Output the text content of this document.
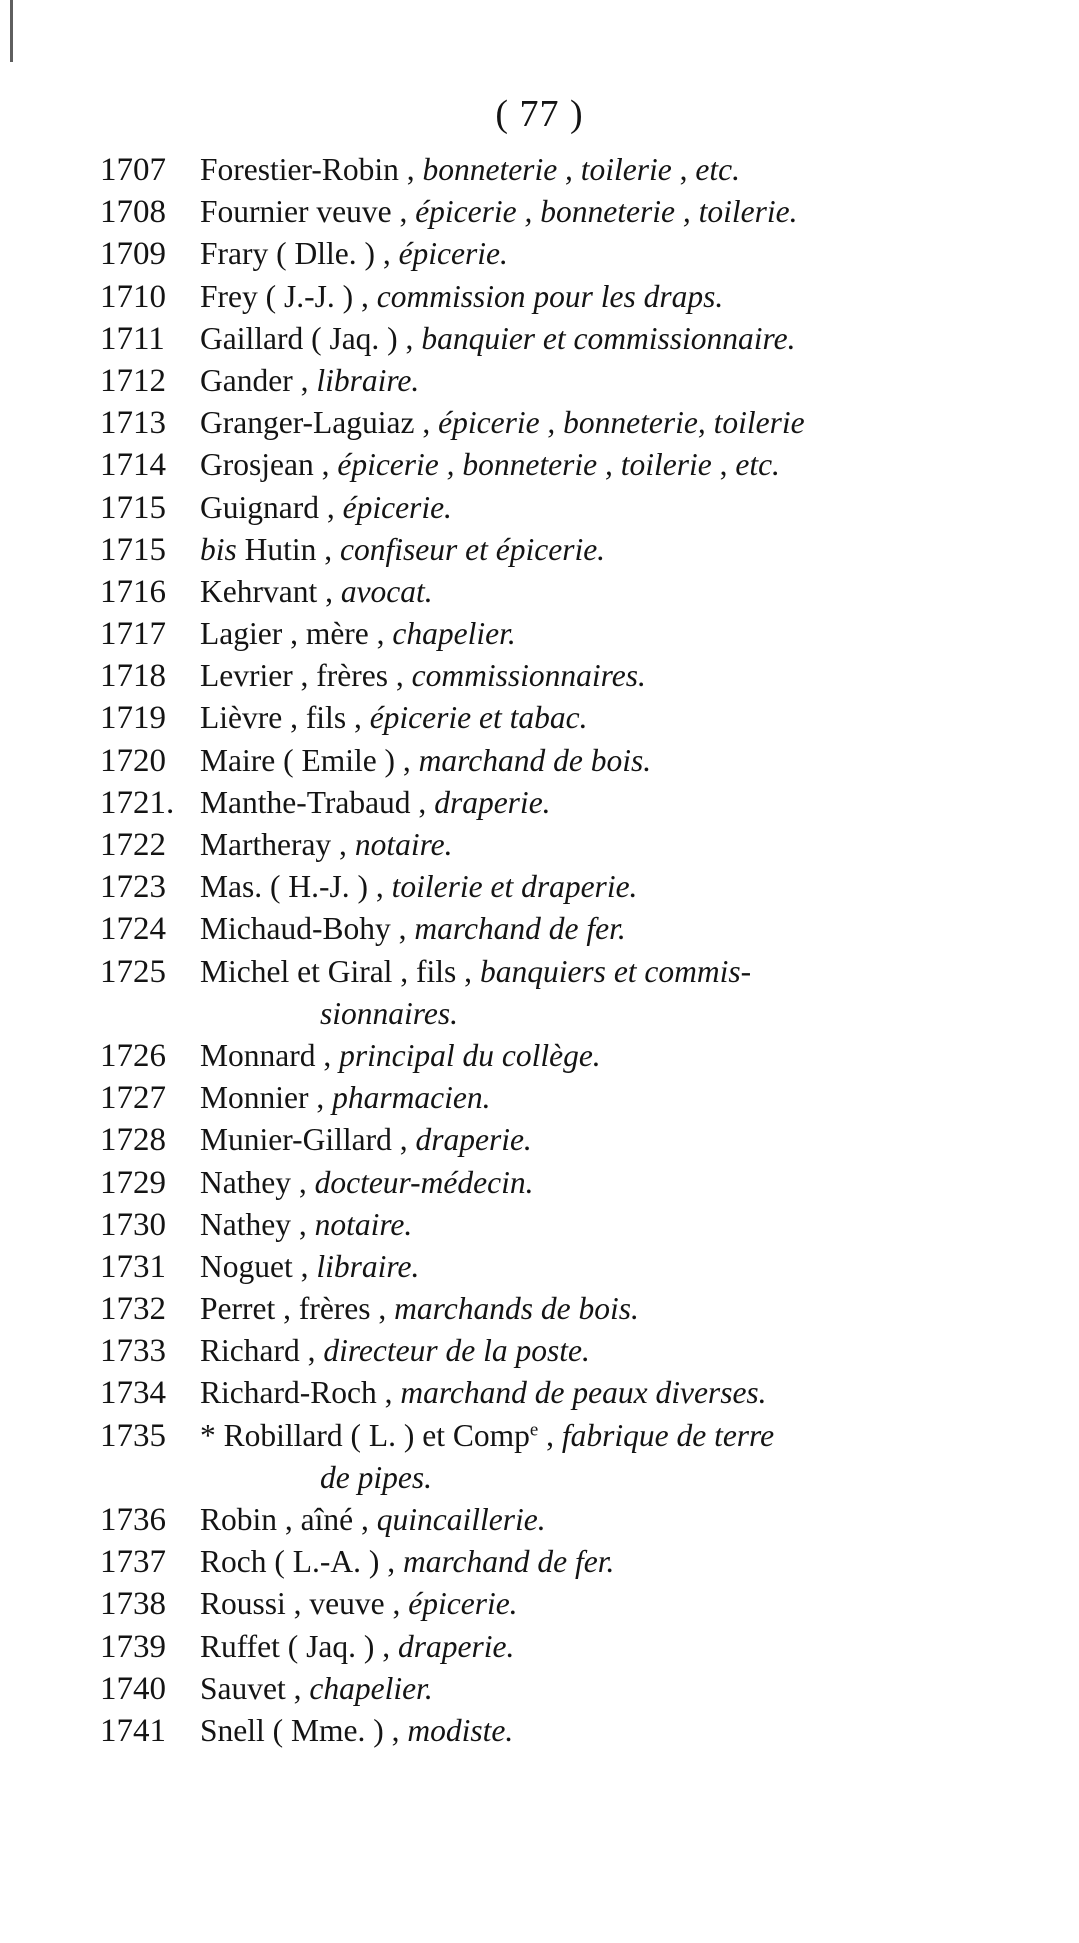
( 77 )
1707	Forestier-Robin , bonneterie , toilerie , etc.
1708	Fournier veuve , épicerie , bonneterie , toilerie.
1709	Frary ( Dlle. ) , épicerie.
1710	Frey ( J.-J. ) , commission pour les draps.
1711	Gaillard ( Jaq. ) , banquier et commissionnaire.
1712	Gander , libraire.
1713	Granger-Laguiaz , épicerie , bonneterie, toilerie
1714	Grosjean , épicerie , bonneterie , toilerie , etc.
1715	Guignard , épicerie.
1715	bis Hutin , confiseur et épicerie.
1716	Kehrvant , avocat.
1717	Lagier , mère , chapelier.
1718	Levrier , frères , commissionnaires.
1719	Lièvre , fils , épicerie et tabac.
1720	Maire ( Emile ) , marchand de bois.
1721. Manthe-Trabaud , draperie.
1722	Martheray , notaire.
1723	Mas. ( H.-J. ) , toilerie et draperie.
1724	Michaud-Bohy , marchand de fer.
1725	Michel et Giral , fils , banquiers et commis-
sionnaires.
1726	Monnard , principal du collège.
1727	Monnier , pharmacien.
1728	Munier-Gillard , draperie.
1729	Nathey , docteur-médecin.
1730	Nathey , notaire.
1731	Noguet , libraire.
1732	Perret , frères , marchands de bois.
1733	Richard , directeur de la poste.
1734	Richard-Roch , marchand de peaux diverses.
1735	* Robillard ( L. ) et Comp$^e$ , fabrique de terre
de pipes.
1736	Robin , aîné , quincaillerie.
1737	Roch ( L.-A. ) , marchand de fer.
1738	Roussi , veuve , épicerie.
1739	Ruffet ( Jaq. ) , draperie.
1740	Sauvet , chapelier.
1741	Snell ( Mme. ) , modiste.
